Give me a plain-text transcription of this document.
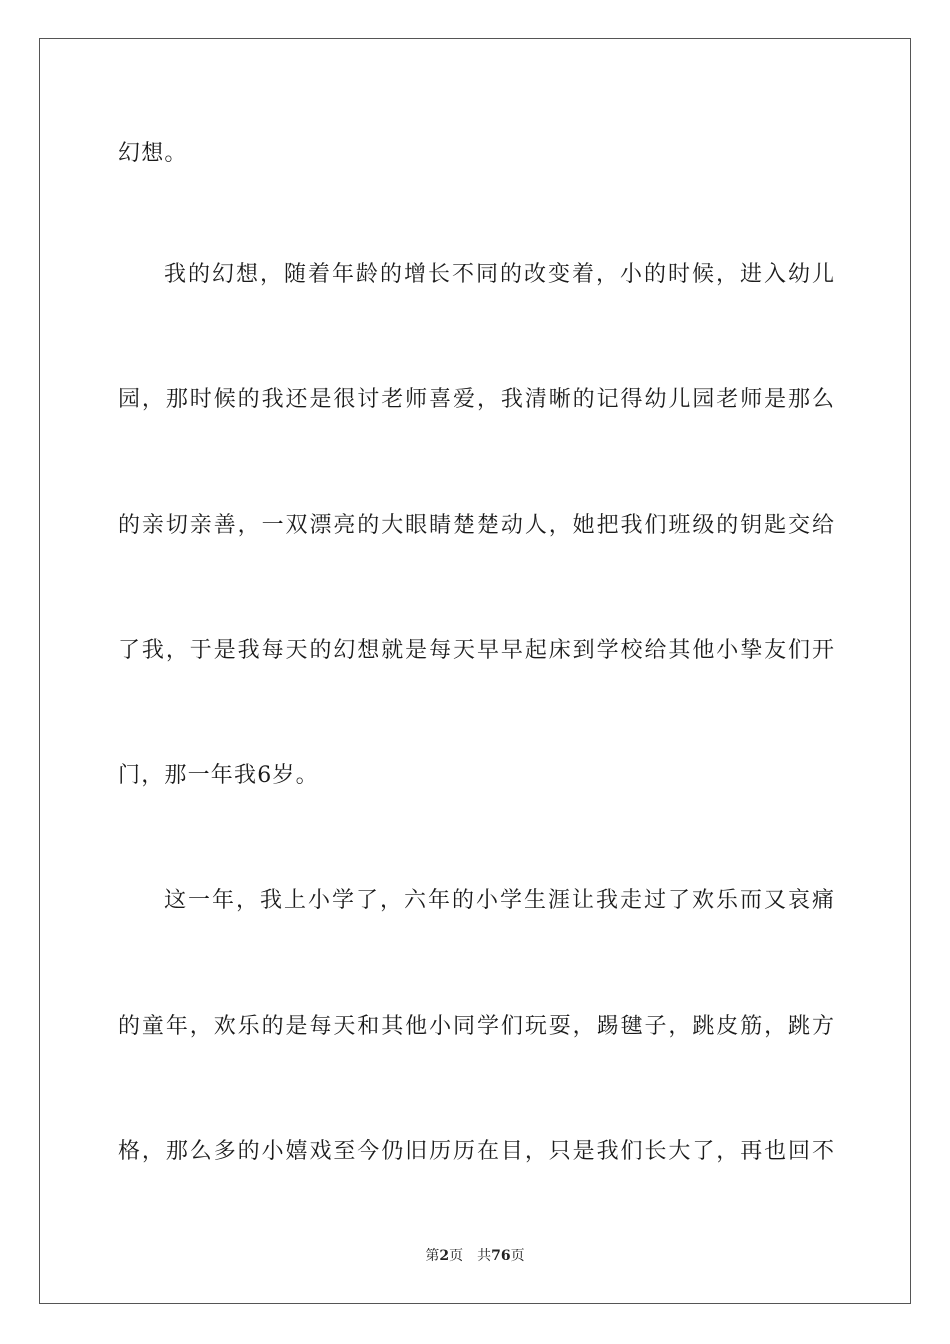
幻想。
我的幻想，随着年龄的增长不同的改变着，小的时候，进入幼儿
园，那时候的我还是很讨老师喜爱，我清晰的记得幼儿园老师是那么
的亲切亲善，一双漂亮的大眼睛楚楚动人，她把我们班级的钥匙交给
了我，于是我每天的幻想就是每天早早起床到学校给其他小挚友们开
门，那一年我6岁。
这一年，我上小学了，六年的小学生涯让我走过了欢乐而又哀痛
的童年，欢乐的是每天和其他小同学们玩耍，踢毽子，跳皮筋，跳方
格，那么多的小嬉戏至今仍旧历历在目，只是我们长大了，再也回不
第2页 共76页
